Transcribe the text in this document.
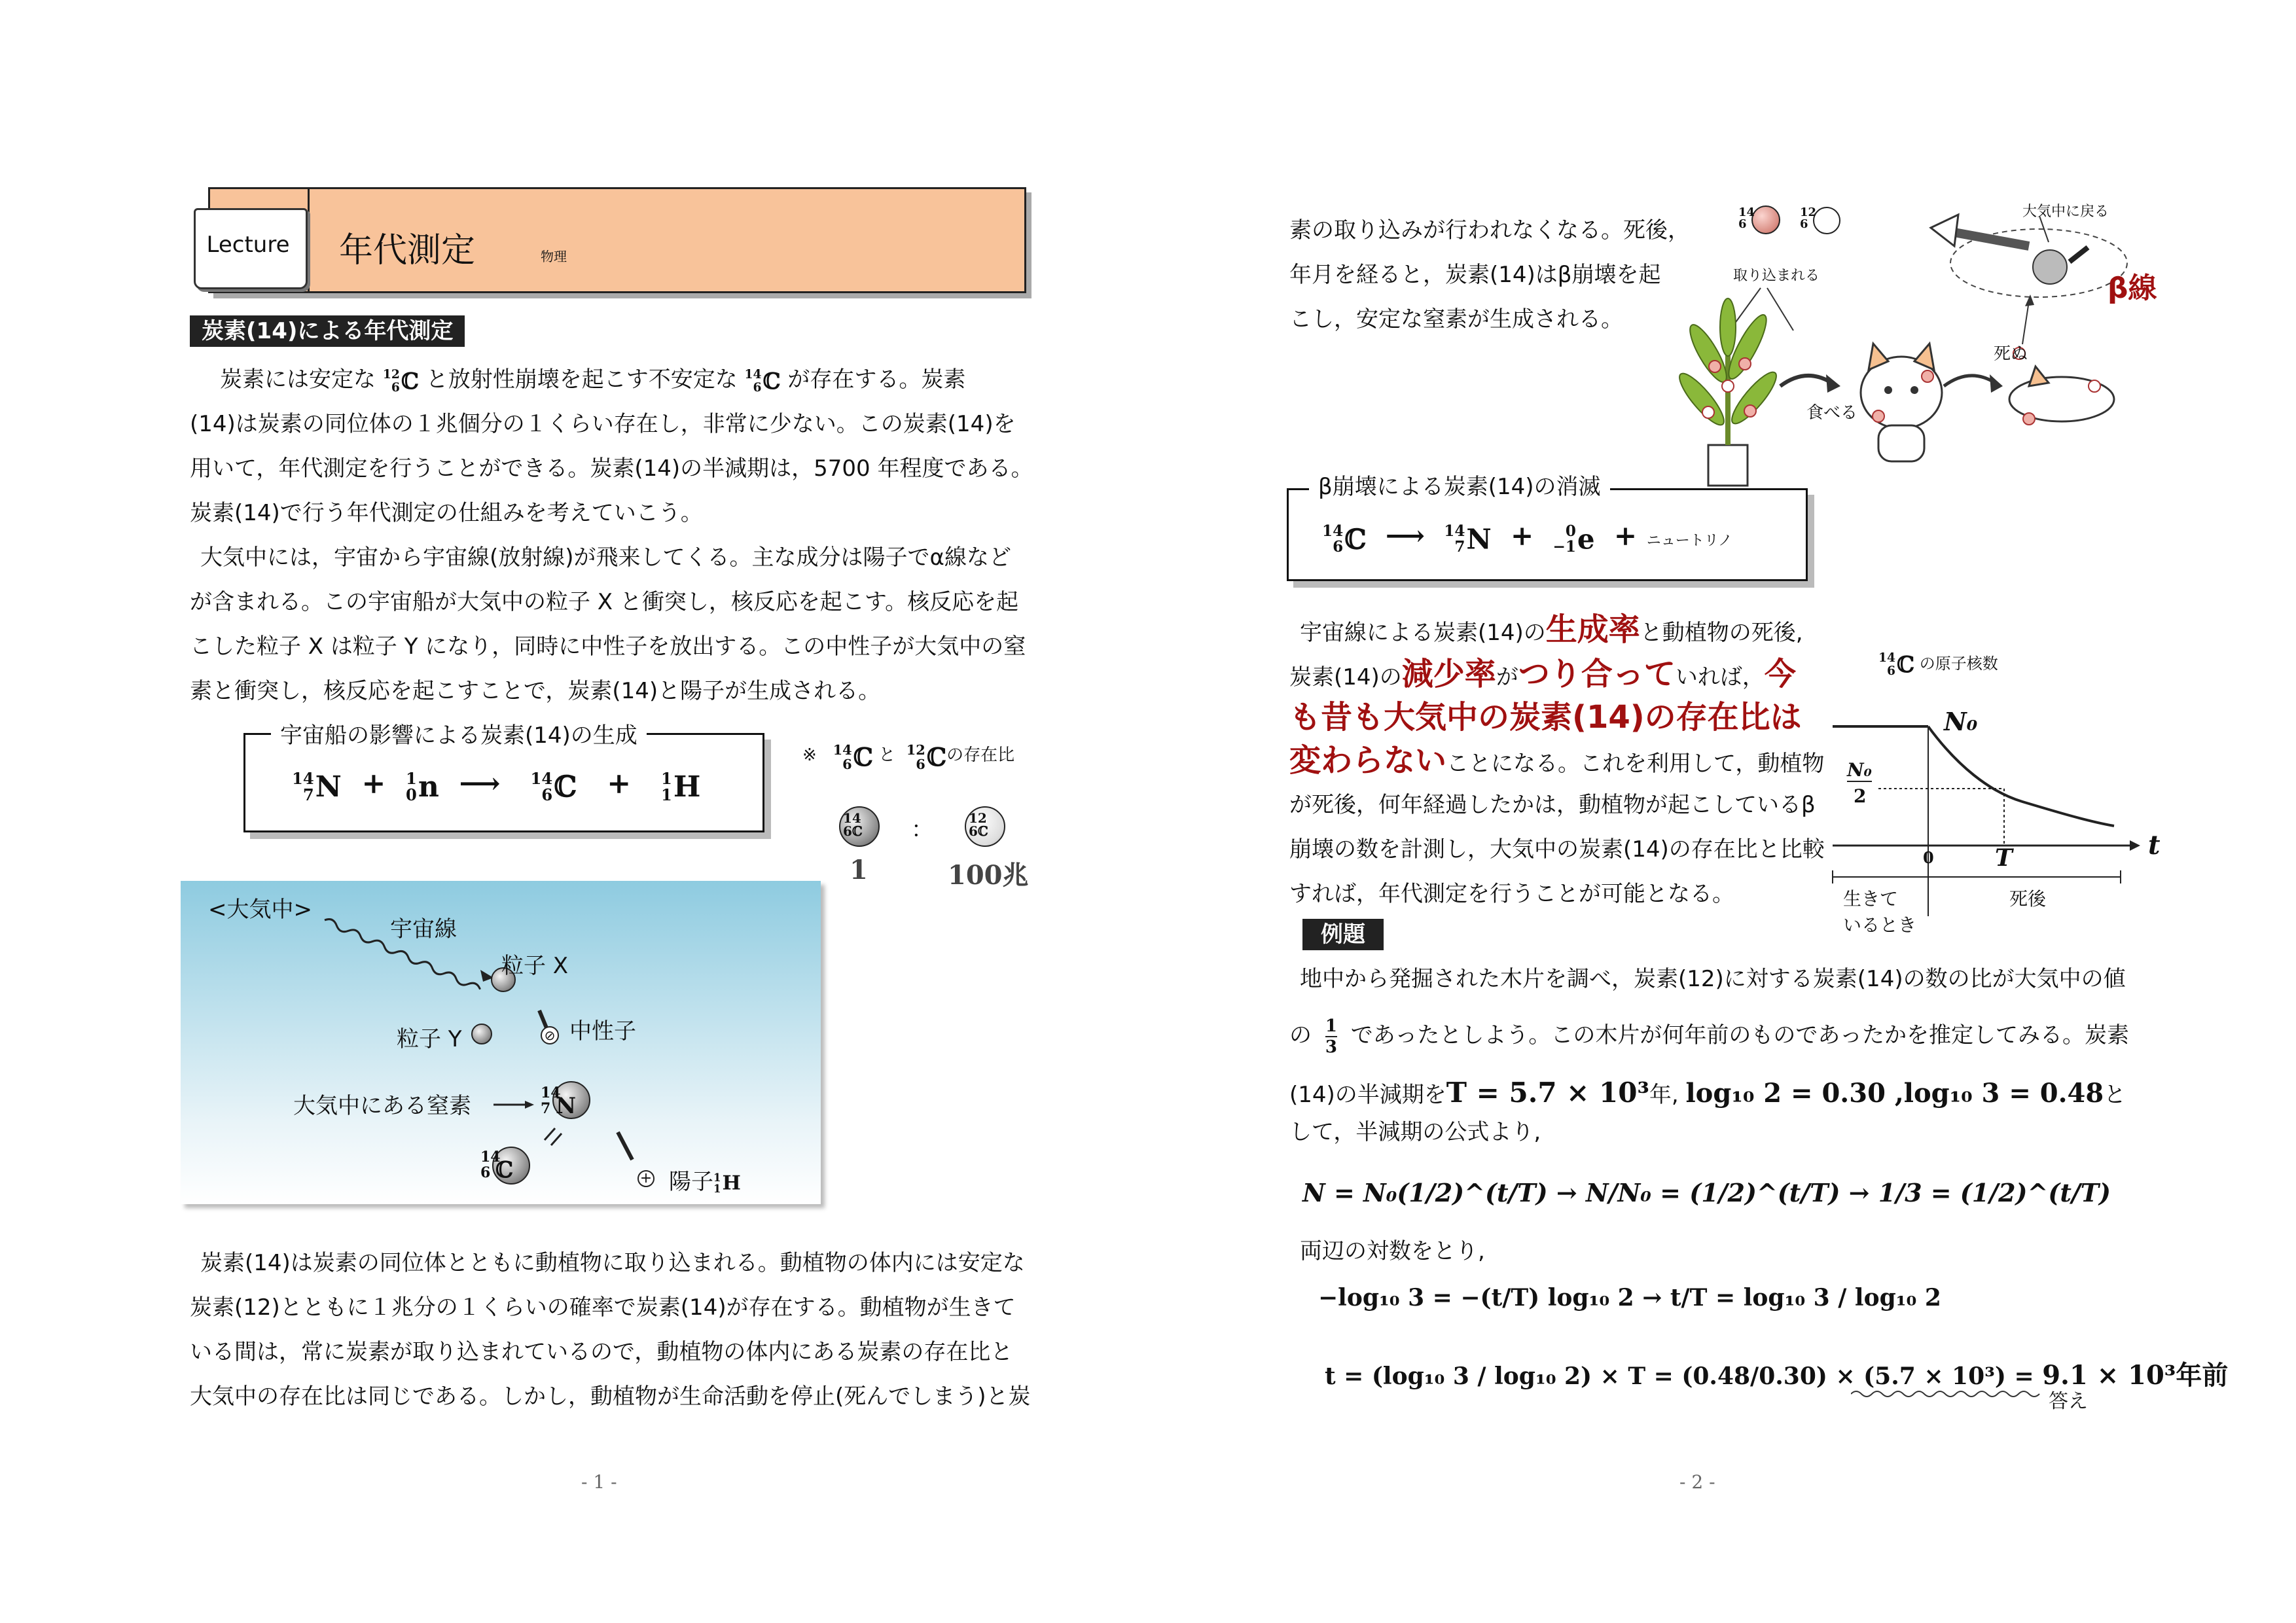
Lecture 年代測定	物理
炭素(14)による年代測定
炭素には安定な 12
6 ℂ と放射性崩壊を起こす不安定な 14
6 ℂ が存在する。炭素
(14)は炭素の同位体の１兆個分の１くらい存在し，非常に少ない。この炭素(14)を
用いて，年代測定を行うことができる。炭素(14)の半減期は，5700 年程度である。
炭素(14)で行う年代測定の仕組みを考えていこう。
大気中には，宇宙から宇宙線(放射線)が飛来してくる。主な成分は陽子でα線など
が含まれる。この宇宙船が大気中の粒子 X と衝突し，核反応を起こす。核反応を起
こした粒子 X は粒子 Y になり，同時に中性子を放出する。この中性子が大気中の窒
素と衝突し，核反応を起こすことで，炭素(14)と陽子が生成される。
宇宙船の影響による炭素(14)の生成
14
7 N  + 1
0 n  ⟶ 14
6 ℂ   + 1
1 H
※ 14
6 ℂ と 12
6 ℂの存在比
14
6ℂ
12
6ℂ
：
1	100兆
<大気中>
宇宙線
粒子 X
粒子 Y	⊘ 中性子
大気中にある窒素	14
7 N
14
6 ℂ	+ 陽子 1
1 H
炭素(14)は炭素の同位体とともに動植物に取り込まれる。動植物の体内には安定な
炭素(12)とともに１兆分の１くらいの確率で炭素(14)が存在する。動植物が生きて
いる間は，常に炭素が取り込まれているので，動植物の体内にある炭素の存在比と
大気中の存在比は同じである。しかし，動植物が生命活動を停止(死んでしまう)と炭
- 1 -
素の取り込みが行われなくなる。死後，
年月を経ると，炭素(14)はβ崩壊を起
こし，安定な窒素が生成される。
14
6
12
6
取り込まれる
大気中に戻る
β線
食べる
死ぬ
β崩壊による炭素(14)の消滅
14
6 ℂ  ⟶ 14
7 N  + 0
−1 e  + ニュートリノ
宇宙線による炭素(14)の生成率と動植物の死後,
炭素(14)の減少率がつり合っていれば，今
も昔も大気中の炭素(14)の存在比は
変わらないことになる。これを利用して，動植物
が死後，何年経過したかは，動植物が起こしているβ
崩壊の数を計測し，大気中の炭素(14)の存在比と比較
すれば，年代測定を行うことが可能となる。
14
6 ℂ の原子核数
N₀
N₀
2
0	T	t
生きて
いるとき
死後
例題
地中から発掘された木片を調べ，炭素(12)に対する炭素(14)の数の比が大気中の値
の $\frac{1}{3}$ であったとしよう。この木片が何年前のものであったかを推定してみる。炭素
(14)の半減期をT = 5.7 × 10³年, log₁₀ 2 = 0.30 ,log₁₀ 3 = 0.48と
して，半減期の公式より,
N = N₀(1/2)^(t/T) → N/N₀ = (1/2)^(t/T) → 1/3 = (1/2)^(t/T)
両辺の対数をとり,
−log₁₀ 3 = −(t/T) log₁₀ 2 → t/T = log₁₀ 3 / log₁₀ 2
t = (log₁₀ 3 / log₁₀ 2) × T = (0.48/0.30) × (5.7 × 10³) = 9.1 × 10³年前
答え
- 2 -
